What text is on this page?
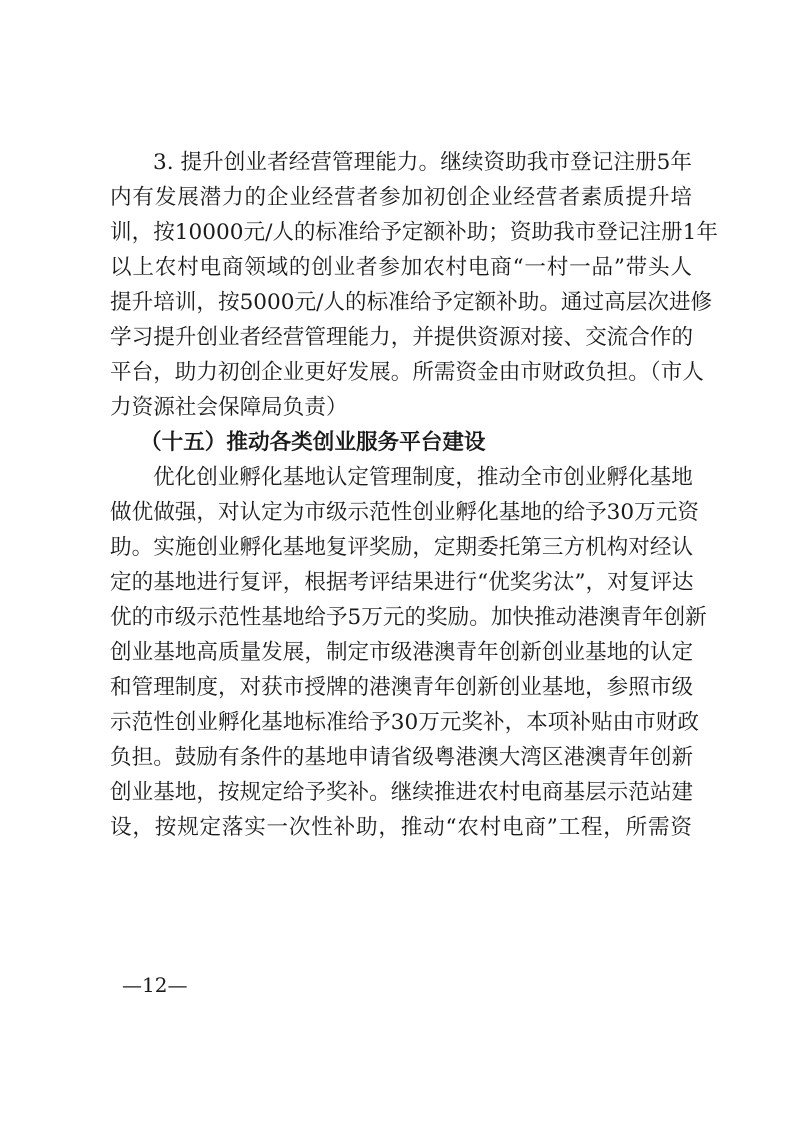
3. 提升创业者经营管理能力。继续资助我市登记注册5年
内有发展潜力的企业经营者参加初创企业经营者素质提升培
训，按10000元/人的标准给予定额补助；资助我市登记注册1年
以上农村电商领域的创业者参加农村电商“一村一品”带头人
提升培训，按5000元/人的标准给予定额补助。通过高层次进修
学习提升创业者经营管理能力，并提供资源对接、交流合作的
平台，助力初创企业更好发展。所需资金由市财政负担。（市人
力资源社会保障局负责）
（十五）推动各类创业服务平台建设
优化创业孵化基地认定管理制度，推动全市创业孵化基地
做优做强，对认定为市级示范性创业孵化基地的给予30万元资
助。实施创业孵化基地复评奖励，定期委托第三方机构对经认
定的基地进行复评，根据考评结果进行“优奖劣汰”，对复评达
优的市级示范性基地给予5万元的奖励。加快推动港澳青年创新
创业基地高质量发展，制定市级港澳青年创新创业基地的认定
和管理制度，对获市授牌的港澳青年创新创业基地，参照市级
示范性创业孵化基地标准给予30万元奖补，本项补贴由市财政
负担。鼓励有条件的基地申请省级粤港澳大湾区港澳青年创新
创业基地，按规定给予奖补。继续推进农村电商基层示范站建
设，按规定落实一次性补助，推动“农村电商”工程，所需资
—12—
